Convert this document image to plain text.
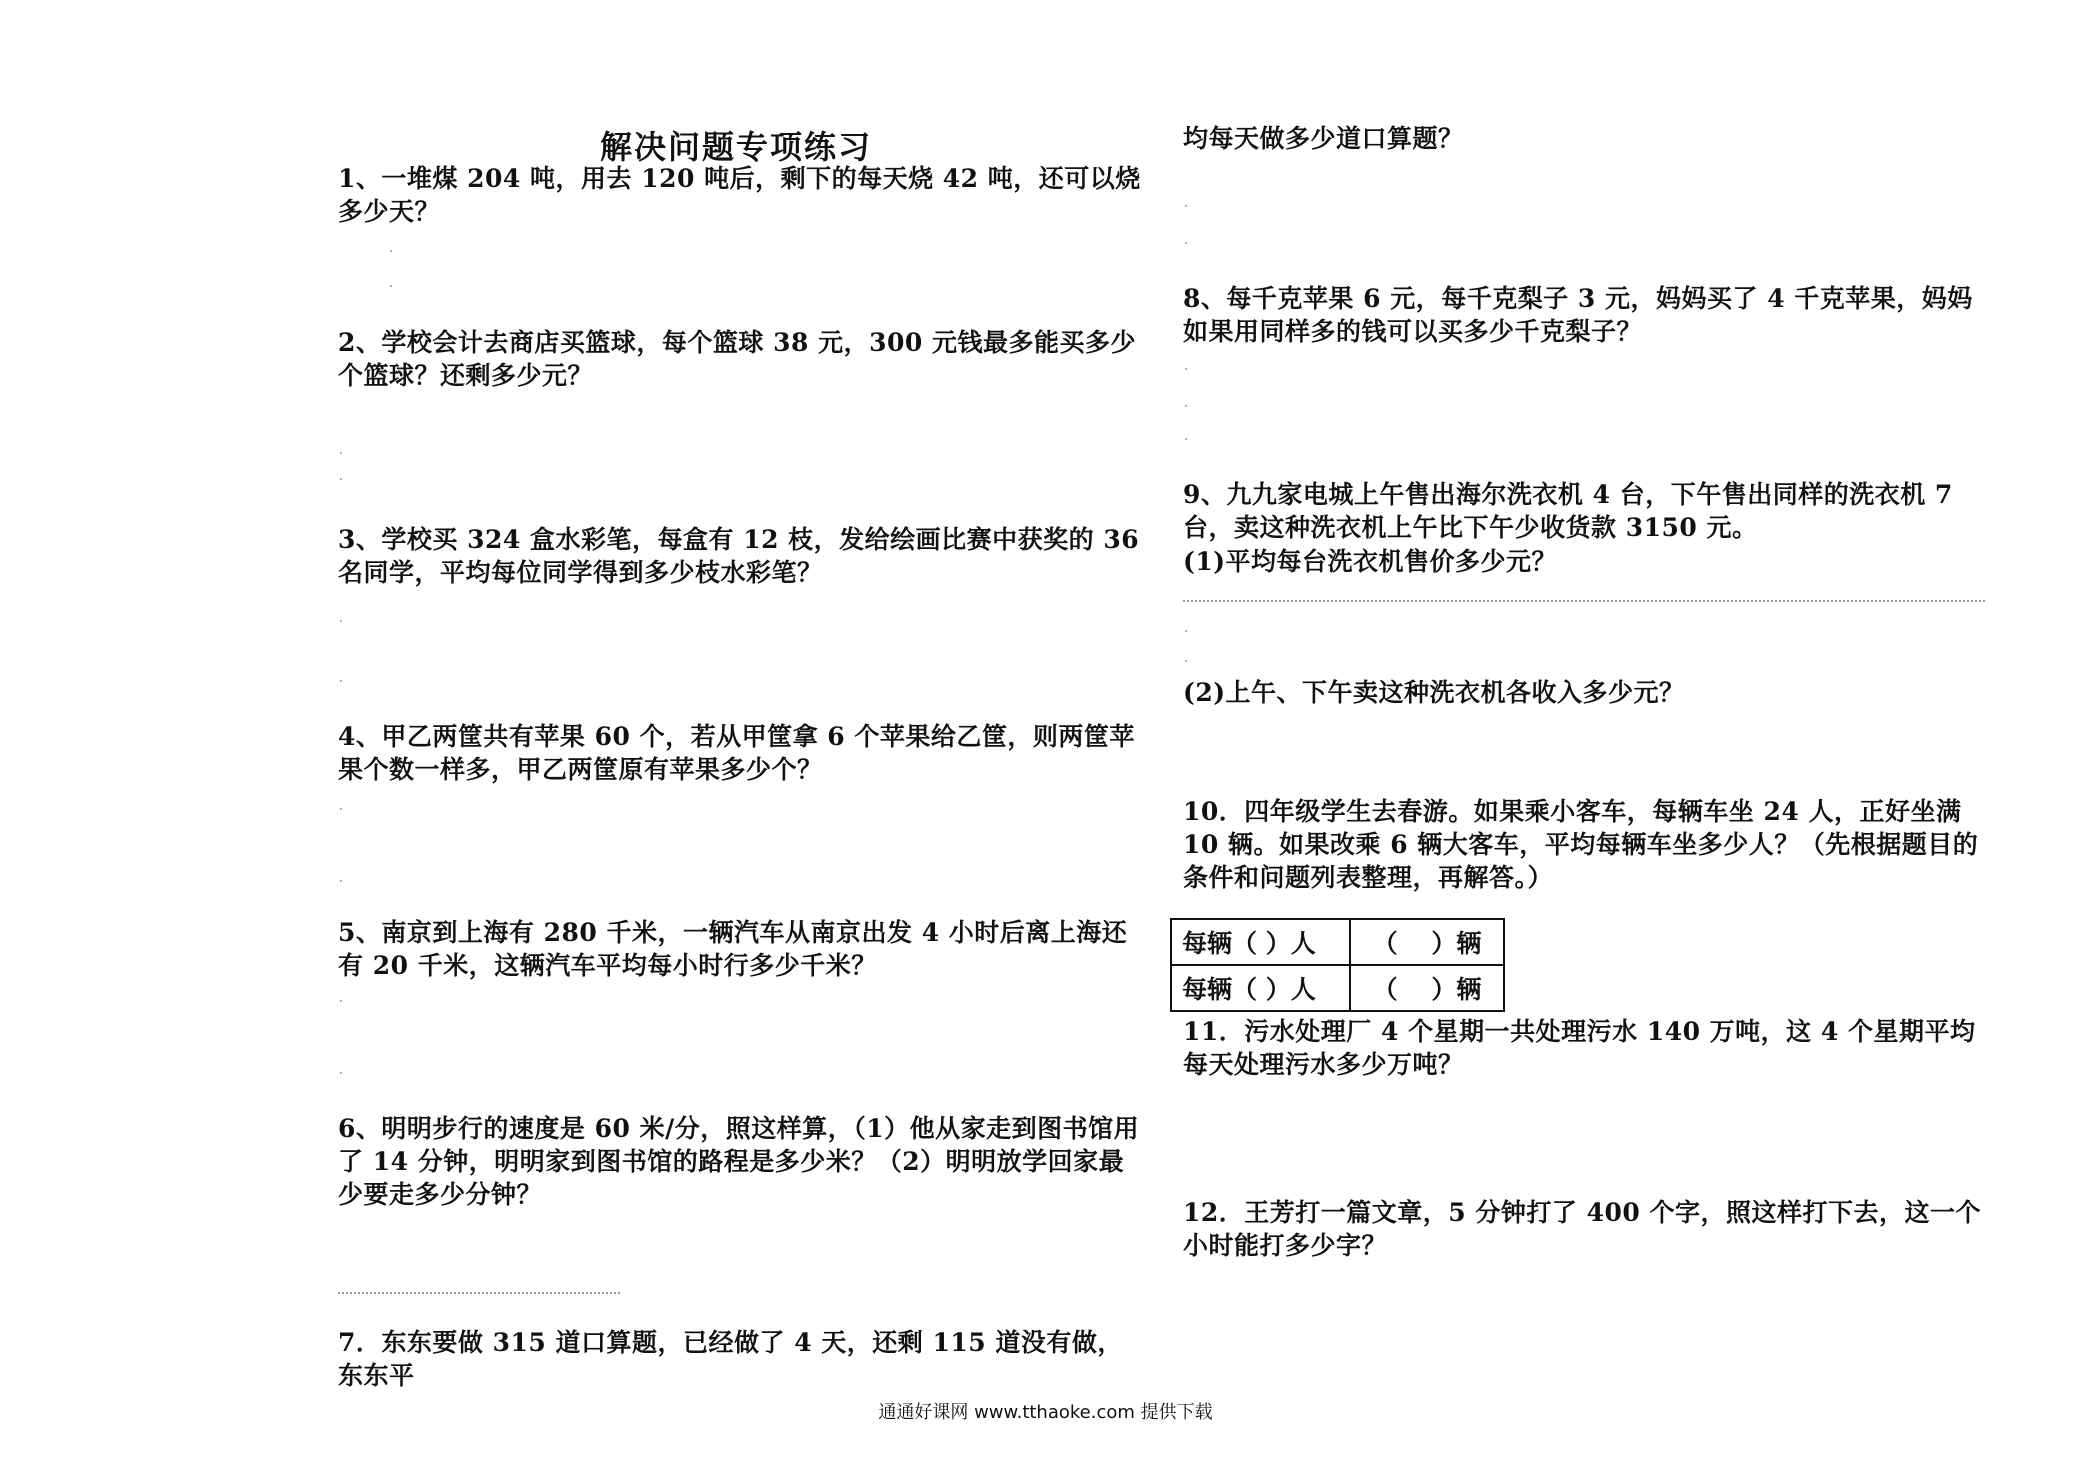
解决问题专项练习
1、一堆煤 204 吨，用去 120 吨后，剩下的每天烧 42 吨，还可以烧多少天？
2、学校会计去商店买篮球，每个篮球 38 元，300 元钱最多能买多少个篮球？还剩多少元？
3、学校买 324 盒水彩笔，每盒有 12 枝，发给绘画比赛中获奖的 36 名同学，平均每位同学得到多少枝水彩笔？
4、甲乙两筐共有苹果 60 个，若从甲筐拿 6 个苹果给乙筐，则两筐苹果个数一样多，甲乙两筐原有苹果多少个？
5、南京到上海有 280 千米，一辆汽车从南京出发 4 小时后离上海还有 20 千米，这辆汽车平均每小时行多少千米？
6、明明步行的速度是 60 米/分，照这样算，（1）他从家走到图书馆用了 14 分钟，明明家到图书馆的路程是多少米？（2）明明放学回家最少要走多少分钟？
7．东东要做 315 道口算题，已经做了 4 天，还剩 115 道没有做，东东平
均每天做多少道口算题？
8、每千克苹果 6 元，每千克梨子 3 元，妈妈买了 4 千克苹果，妈妈如果用同样多的钱可以买多少千克梨子？
9、九九家电城上午售出海尔洗衣机 4 台，下午售出同样的洗衣机 7 台，卖这种洗衣机上午比下午少收货款 3150 元。
(1)平均每台洗衣机售价多少元？
(2)上午、下午卖这种洗衣机各收入多少元？
10．四年级学生去春游。如果乘小客车，每辆车坐 24 人，正好坐满 10 辆。如果改乘 6 辆大客车，平均每辆车坐多少人？（先根据题目的条件和问题列表整理，再解答。）
每辆（ ）人	（　 ）辆
每辆（ ）人	（　 ）辆
11．污水处理厂 4 个星期一共处理污水 140 万吨，这 4 个星期平均每天处理污水多少万吨？
12．王芳打一篇文章，5 分钟打了 400 个字，照这样打下去，这一个小时能打多少字？
通通好课网 www.tthaoke.com 提供下载
